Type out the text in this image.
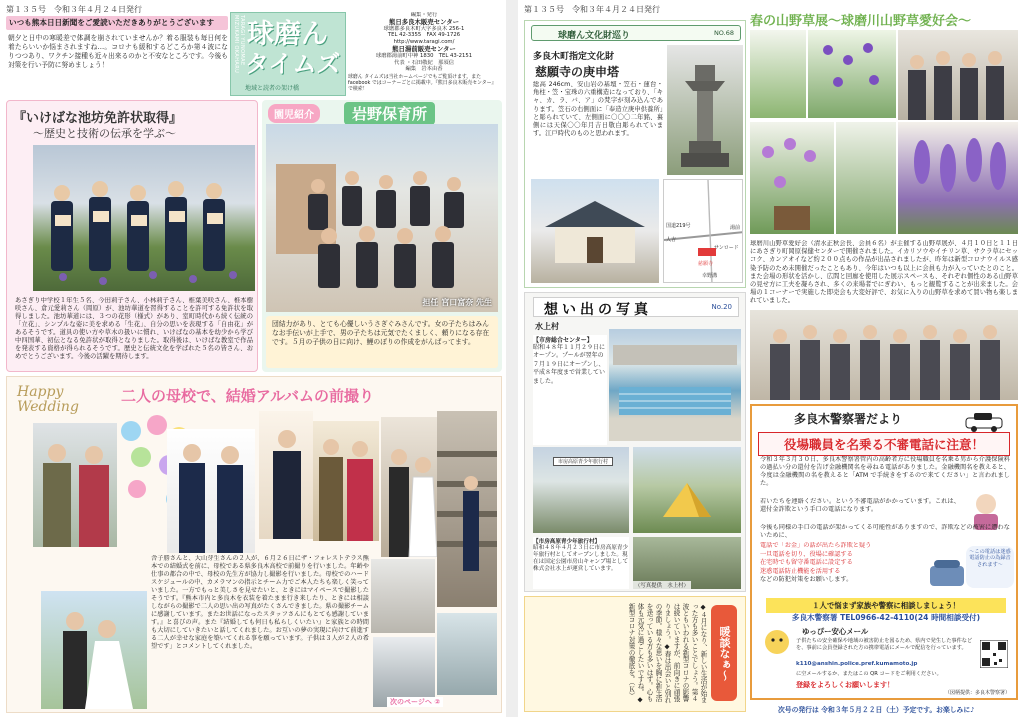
第１３５号　令和３年４月２４日発行
いつも熊本日日新聞をご愛読いただきありがとうございます
朝夕と日中の寒暖差で体調を崩されていませんか？着る服装も毎日何を着たらいいか悩まされますね…。コロナも緩和するどころか第４波になりつつあり、ワクチン接種も近々出来るのかと不安なところです。今後も対策を行い予防に努めましょう！	TARAGI YUNOMAE MIZUKAMI OKAHARU 球磨ん
タイムズ
地域と読者の架け橋
編集・発行
熊日多良木販売センター
球磨郡多良木町大字多良木 256-1
TEL 42-3355　FAX 49-1726
http://www.taragi.com/
熊日湯前販売センター
球磨郡湯前町中神 1830　TEL 43-2151
代表 ・石田敬紀　那須信
編集　岩本由香
球磨ん タイムズは当社ホームページでもご覧頂けます。また facebook ではコーナーごとに掲載中。『熊日多良木販売センター』で検索！
『いけばな池坊免許状取得』
～歴史と技術の伝承を学ぶ～
あさぎり中学校１年生５名、今田莉子さん、小林莉子さん、椎葉美咲さん、椎本樹咲さん、倉元愛莉さん（岡原）が、池坊華道を習得することを許可する免許状を取得しました。池坊華道には、３つの花形（様式）があり、室町時代から続く伝統の「立花」、シンプルな姿に美を求める「生花」、自分の思いを表現する「自由花」があるそうです。道具の使い方や草木の扱いに慣れ、いけばなの基本を幼少から学び中四国華、初伝となる免許状が取得となりました。取得後は、いけばな教室で作品を発表する資格が得られるそうです。歴史と伝統文化を学ばれた５名の皆さん、おめでとうございます。今後の活躍を期待します。
園児紹介	岩野保育所
担任 宮口富奈 先生
団結力があり、とても心優しいうさぎぐみさんです。女の子たちはみんなお手伝いが上手で、男の子たちは元気でたくましく、頼りになる存在です。５月の子供の日に向け、鯉のぼりの作成をがんばってます。
Happy Wedding
二人の母校で、結婚アルバムの前撮り
舎子勝さんと、大山芽生さんの２人が、６月２６日にザ・フォレストテラス熊本での結婚式を前に、母校である県多良木高校で前撮りを行いました。年齢や仕事の都合の中で、母校の先生方が協力し撮影を行いました。母校でのハードスケジュールの中、カメラマンの指示とチーム力でご本人たちも楽しく笑っていました。一方でもっと美しさを見せたいと、ときにはマイペースで撮影したそうです。『熊本市内と多良木を衣装を着たまま行き来したり、ときには相談しながらの撮影で二人の思い出の写真がたくさんできました。県の撮影チームに感謝しています。またお世話になったスタッフさんにもとても感謝しています。』と喜びの声。また『結婚しても何日も私らしくいたい』と家族との時間も大切にしていきたいと話してくれました。お互いの夢の実現に向けて前進する二人が幸せな家庭を築いてくれる事を願っています。子供は３人が２人の希望です」とコメントしてくれました。
次のページへ ②
第１３５号　令和３年４月２４日発行
球磨ん文化財巡り	NO.68
多良木町指定文化財
慈願寺の庚申塔
総高 246cm、安山岩の基壇・笠石・蓮台・角柱・笠・宝珠の六重構造になっており、「キャ、カ、ラ、バ、ア」の梵字が刻み込んであります。笠石の右側面に「奉造立庚申供養所」と彫られていて、左側面に〇〇〇二年銘、裏側には天保〇〇年月吉日敬白彫られています。江戸時代のものと思われます。
慈願寺
人吉
湯前
国道219号
サンロード
幸野溝
想い出の写真	No.20
水上村
【市房総合センター】
昭和４８年１１月２９日にオープン。プールが翌年の７月１９日にオープンし、平成８年度まで営業していました。
市房高原青少年旅行村
【市房高原青少年旅行村】
昭和４８年４月２３日に市房高原青少年旅行村としてオープンしました。現在は国定公園市房山キャンプ場として株式会社水上が運営しています。
（写真提供　水上村）
◆４月になり、新しい生活が始まった方も多いことでしょう。第４波ともいわれる新型コロナの影響は続いていますが、前向きに頑張りましょう。◆春は出会いと別れの季節。様々な思いを胸に新生活を送っている方も多いはず。心も体も元気に過ごしたいですね。◆新型コロナ対策の徹底を。（Ｋ）	暖談なぁ～
春の山野草展～球磨川山野草愛好会～
球磨川山野草愛好会（清水正秋会長、会員６名）が主催する山野草展が、４月１０日と１１日にあさぎり町岡原保健センターで開催されました。イカリソウやイチリン草、サクラ草にセッコク、カンアオイなど約２００点もの作品が出品されましたが、昨年は新型コロナウイルス感染予防のため未開催だったこともあり、今年はいつも以上に会員も力が入っていたとのこと。また会場の形状を活かし、広間と回廊を使用した展示スペースも、それぞれ個性のある山野草の見せ方に工夫を凝らされ、多くの来場者でにぎわい、もっと観覧することが出来ました。会場の１コーナーで実施した即売会も大変好評で、お気に入りの山野草を求めて買い物も楽しまれていました。
多良木警察署だより
役場職員を名乗る不審電話に注意！
令和３年３月３０日、多良木警察署管内の高齢者方に役場職員を名乗る男から介護保険料の過払い分の還付を告げ金融機関名を尋ねる電話がありました。金融機関名を教えると、今度は金融機関の名を教えると「ATM で手続きをするので来てください」と言われました。
若いたちを連絡ください。という不審電話がかかっています。これは、還付金詐欺という手口の電話になります。
今後も同様の手口の電話が架かってくる可能性がありますので、詐欺などの被害に遭わないために、
電話で「お金」の話が出たら詐欺と疑う
一旦電話を切り、役場に確認する
在宅時でも留守番電話に設定する
迷惑電話防止機能を活用する
などの防犯対策をお願いします。
～この電話は迷惑電話防止の為録音されます～
１人で悩まず家族や警察に相談しましょう！
多良木警察署 TEL0966-42-4110(24 時間相談受付)
ゆっぴー安心メール
子供たちの安全確保や地域の被害防止を図るため、県内で発生した事件などを、事前に会員登録された方の携帯電話にメールで配信を行っています。
k110@anshin.police.pref.kumamoto.jp
に空メールするか、またはこの QR コードをご利用ください。
登録をよろしくお願いします！
（図柄提供：多良木警察署）
次号の発行は 令和３年５月２２日（土）予定です。お楽しみに♪
